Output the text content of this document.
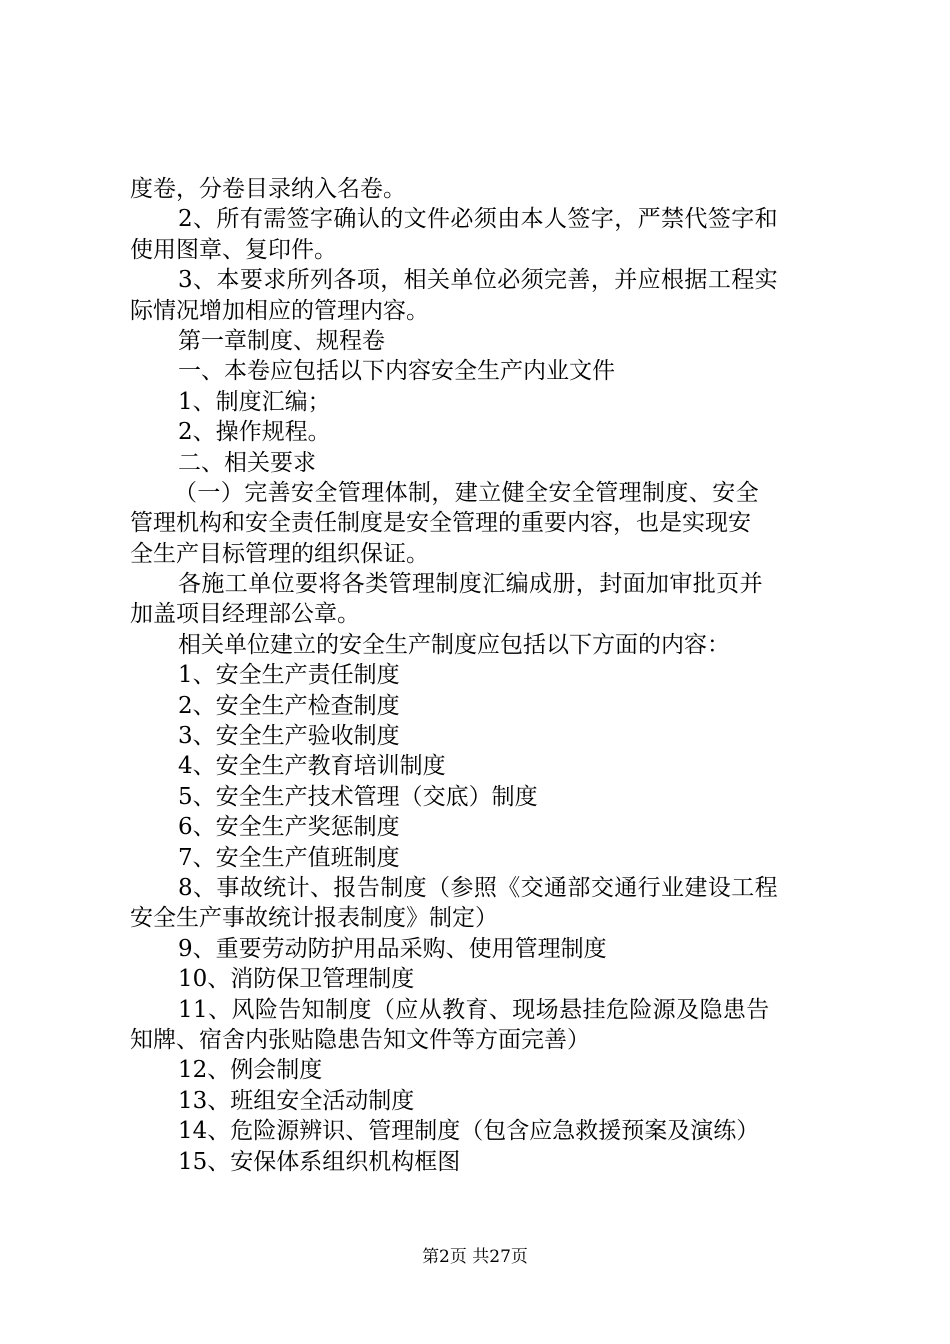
度卷，分卷目录纳入名卷。
2、所有需签字确认的文件必须由本人签字，严禁代签字和
使用图章、复印件。
3、本要求所列各项，相关单位必须完善，并应根据工程实
际情况增加相应的管理内容。
第一章制度、规程卷
一、本卷应包括以下内容安全生产内业文件
1、制度汇编；
2、操作规程。
二、相关要求
（一）完善安全管理体制，建立健全安全管理制度、安全
管理机构和安全责任制度是安全管理的重要内容，也是实现安
全生产目标管理的组织保证。
各施工单位要将各类管理制度汇编成册，封面加审批页并
加盖项目经理部公章。
相关单位建立的安全生产制度应包括以下方面的内容：
1、安全生产责任制度
2、安全生产检查制度
3、安全生产验收制度
4、安全生产教育培训制度
5、安全生产技术管理（交底）制度
6、安全生产奖惩制度
7、安全生产值班制度
8、事故统计、报告制度（参照《交通部交通行业建设工程
安全生产事故统计报表制度》制定）
9、重要劳动防护用品采购、使用管理制度
10、消防保卫管理制度
11、风险告知制度（应从教育、现场悬挂危险源及隐患告
知牌、宿舍内张贴隐患告知文件等方面完善）
12、例会制度
13、班组安全活动制度
14、危险源辨识、管理制度（包含应急救援预案及演练）
15、安保体系组织机构框图
第2页 共27页
